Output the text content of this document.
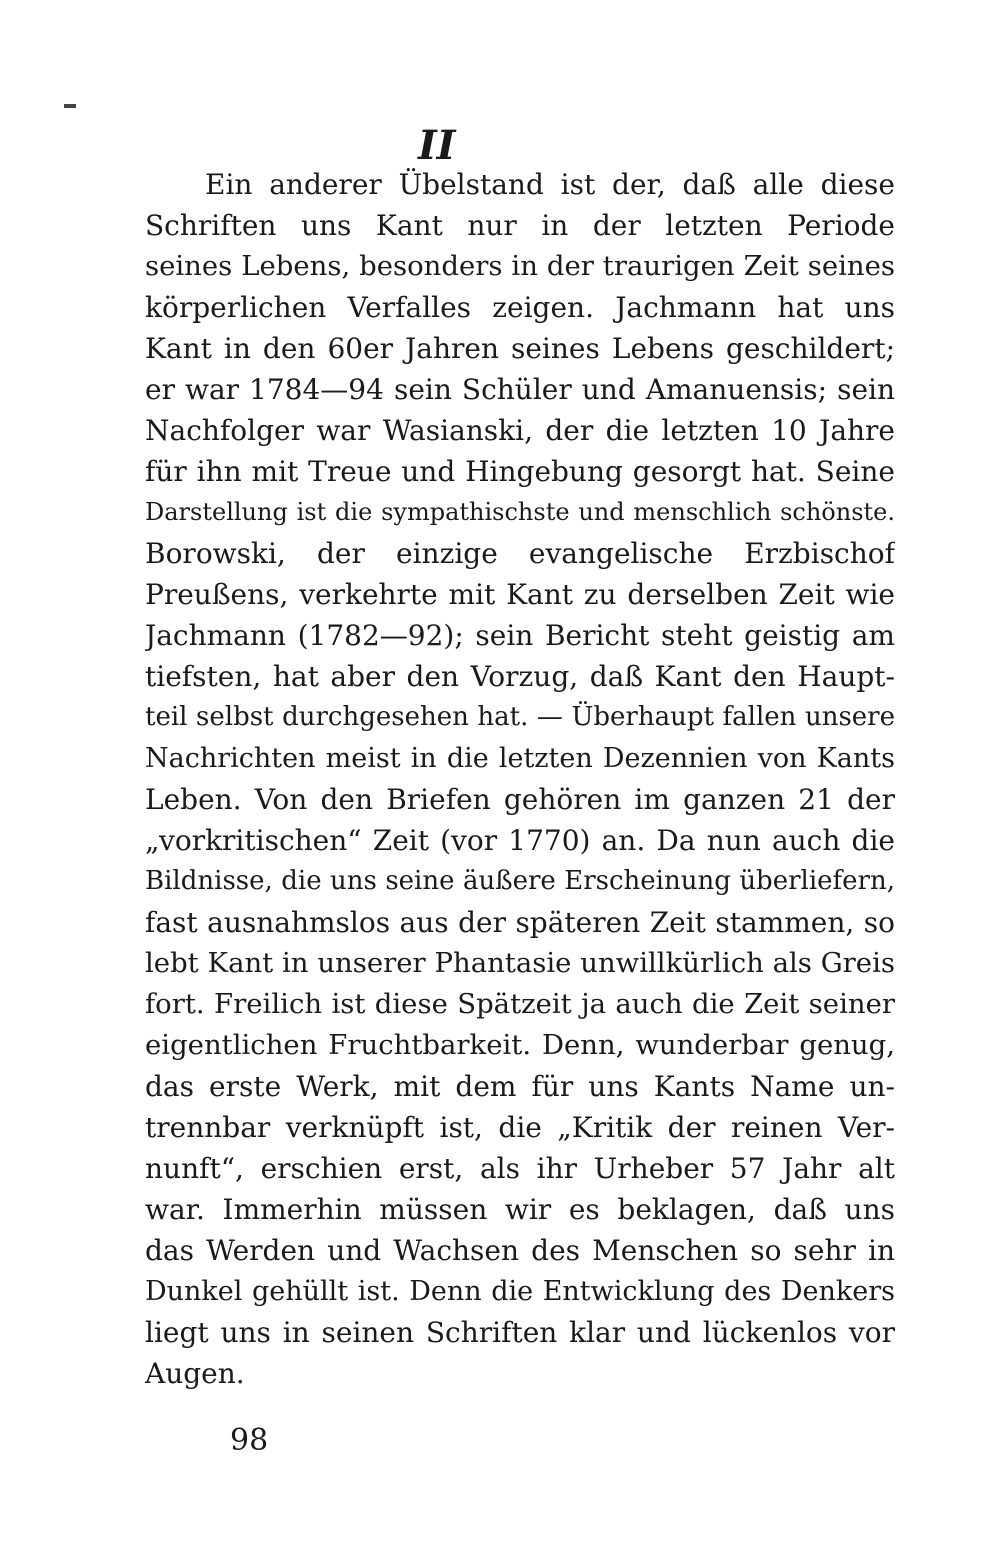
II
Ein anderer Übelstand ist der, daß alle diese
Schriften uns Kant nur in der letzten Periode
seines Lebens, besonders in der traurigen Zeit seines
körperlichen Verfalles zeigen. Jachmann hat uns
Kant in den 60er Jahren seines Lebens geschildert;
er war 1784—94 sein Schüler und Amanuensis; sein
Nachfolger war Wasianski, der die letzten 10 Jahre
für ihn mit Treue und Hingebung gesorgt hat. Seine
Darstellung ist die sympathischste und menschlich schönste.
Borowski, der einzige evangelische Erzbischof
Preußens, verkehrte mit Kant zu derselben Zeit wie
Jachmann (1782—92); sein Bericht steht geistig am
tiefsten, hat aber den Vorzug, daß Kant den Haupt-
teil selbst durchgesehen hat. — Überhaupt fallen unsere
Nachrichten meist in die letzten Dezennien von Kants
Leben. Von den Briefen gehören im ganzen 21 der
„vorkritischen“ Zeit (vor 1770) an. Da nun auch die
Bildnisse, die uns seine äußere Erscheinung überliefern,
fast ausnahmslos aus der späteren Zeit stammen, so
lebt Kant in unserer Phantasie unwillkürlich als Greis
fort. Freilich ist diese Spätzeit ja auch die Zeit seiner
eigentlichen Fruchtbarkeit. Denn, wunderbar genug,
das erste Werk, mit dem für uns Kants Name un-
trennbar verknüpft ist, die „Kritik der reinen Ver-
nunft“, erschien erst, als ihr Urheber 57 Jahr alt
war. Immerhin müssen wir es beklagen, daß uns
das Werden und Wachsen des Menschen so sehr in
Dunkel gehüllt ist. Denn die Entwicklung des Denkers
liegt uns in seinen Schriften klar und lückenlos vor
Augen.
98
